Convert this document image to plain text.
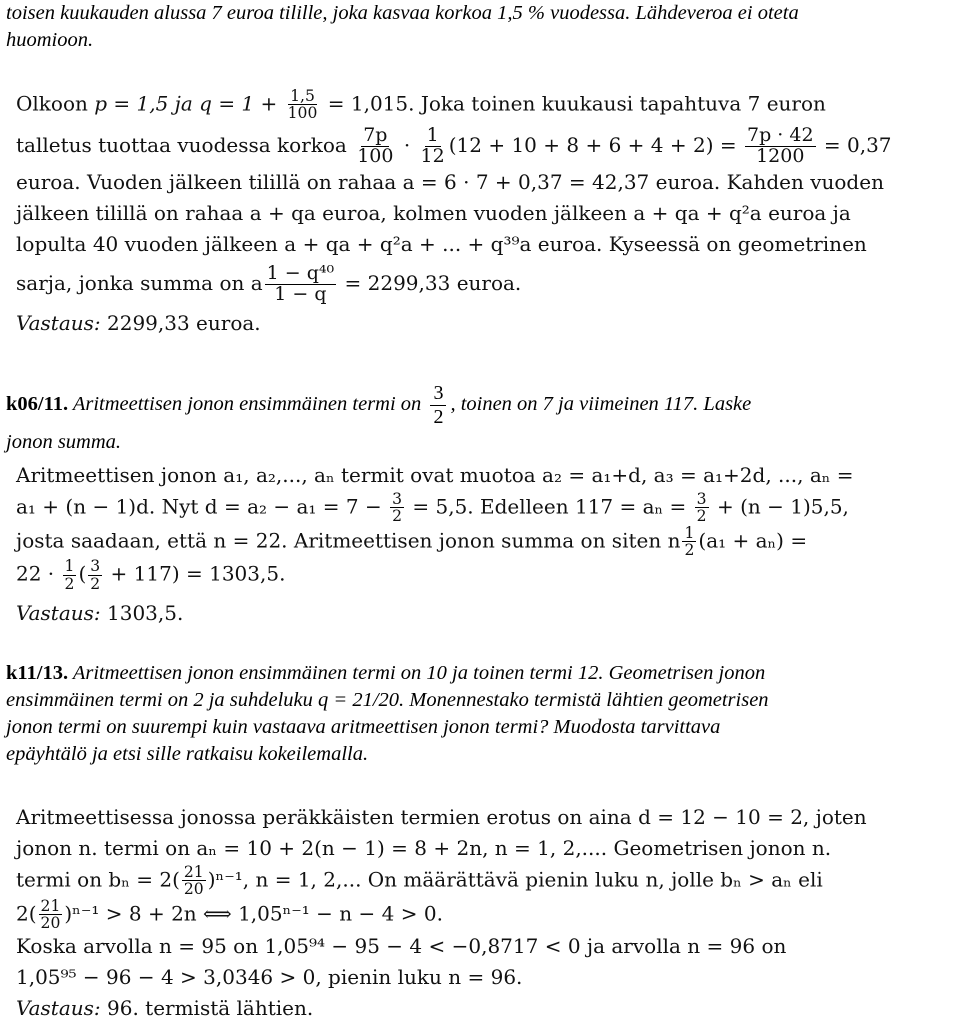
toisen kuukauden alussa 7 euroa tilille, joka kasvaa korkoa 1,5 % vuodessa. Lähdeveroa ei oteta
huomioon.
Olkoon p = 1,5 ja $q = 1 + \frac{1,5}{100} = 1,015$. Joka toinen kuukausi tapahtuva 7 euron
talletus tuottaa vuodessa korkoa $\frac{7p}{100} \cdot \frac{1}{12} (12 + 10 + 8 + 6 + 4 + 2) = \frac{7p \cdot 42}{1200} = 0,37$
euroa. Vuoden jälkeen tilillä on rahaa a = 6 · 7 + 0,37 = 42,37 euroa. Kahden vuoden
jälkeen tilillä on rahaa a + qa euroa, kolmen vuoden jälkeen a + qa + q²a euroa ja
lopulta 40 vuoden jälkeen a + qa + q²a + ... + q³⁹a euroa. Kyseessä on geometrinen
sarja, jonka summa on a $\frac{\text{1 − q⁴⁰}}{1 - q} = 2299,33$ euroa.
Vastaus: 2299,33 euroa.
k06/11. Aritmeettisen jonon ensimmäinen termi on $\frac{3}{2}$ , toinen on 7 ja viimeinen 117. Laske
jonon summa.
Aritmeettisen jonon a₁, a₂,..., aₙ termit ovat muotoa a₂ = a₁+d, a₃ = a₁+2d, ..., aₙ =
a₁ + (n − 1)d. Nyt $d = a_2 - a_1 = 7 - \frac{3}{2} = 5,5$. Edelleen $117 = a_n = \frac{3}{2} + (n - 1)5,5$,
josta saadaan, että n = 22. Aritmeettisen jonon summa on siten n $\frac{1}{2} (a_1 + a_n)$ =
$22 \cdot \frac{1}{2}$ ( $\frac{3}{2} + 117) = 1303,5$.
Vastaus: 1303,5.
k11/13. Aritmeettisen jonon ensimmäinen termi on 10 ja toinen termi 12. Geometrisen jonon
ensimmäinen termi on 2 ja suhdeluku q = 21/20. Monennestako termistä lähtien geometrisen
jonon termi on suurempi kuin vastaava aritmeettisen jonon termi? Muodosta tarvittava
epäyhtälö ja etsi sille ratkaisu kokeilemalla.
Aritmeettisessa jonossa peräkkäisten termien erotus on aina d = 12 − 10 = 2, joten
jonon n. termi on aₙ = 10 + 2(n − 1) = 8 + 2n, n = 1, 2,.... Geometrisen jonon n.
termi on $b_n = 2( \frac{21}{20} )^{n-1}$, n = 1, 2,... On määrättävä pienin luku n, jolle bₙ > aₙ eli
$2( \frac{21}{20} )^{n-1} > 8 + 2n$ ⟺ 1,05ⁿ⁻¹ − n − 4 > 0.
Koska arvolla n = 95 on 1,05⁹⁴ − 95 − 4 < −0,8717 < 0 ja arvolla n = 96 on
1,05⁹⁵ − 96 − 4 > 3,0346 > 0, pienin luku n = 96.
Vastaus: 96. termistä lähtien.
